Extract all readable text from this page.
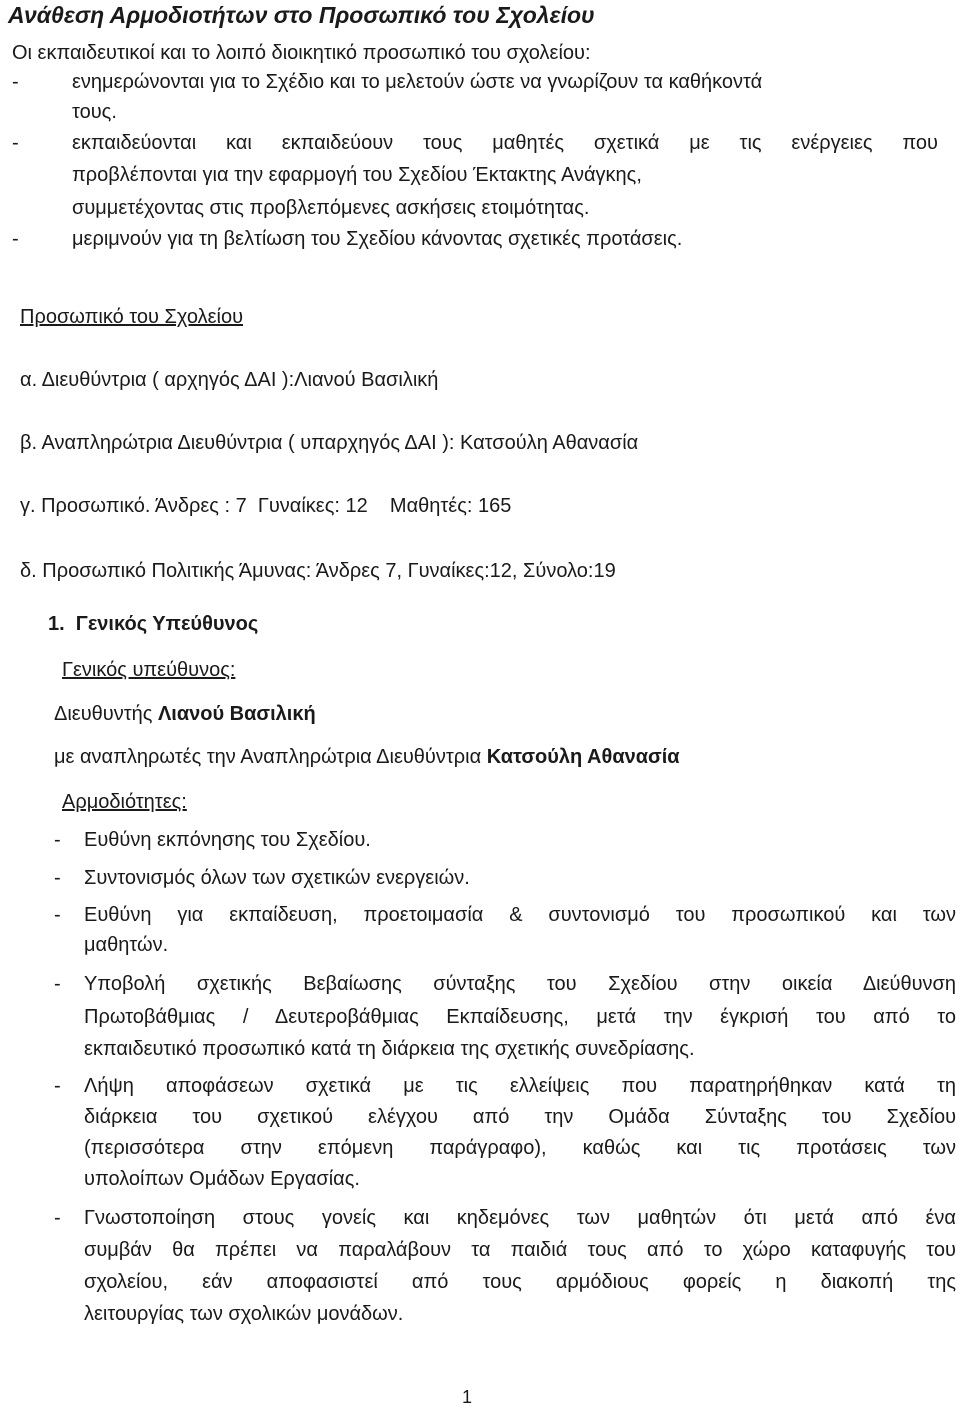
Ανάθεση Αρμοδιοτήτων στο Προσωπικό του Σχολείου
Οι εκπαιδευτικοί και το λοιπό διοικητικό προσωπικό του σχολείου:
-	ενημερώνονται για το Σχέδιο και το μελετούν ώστε να γνωρίζουν τα καθήκοντά
τους.
-	εκπαιδεύονται και εκπαιδεύουν τους μαθητές σχετικά με τις ενέργειες που
προβλέπονται για την εφαρμογή του Σχεδίου Έκτακτης Ανάγκης,
συμμετέχοντας στις προβλεπόμενες ασκήσεις ετοιμότητας.
-	μεριμνούν για τη βελτίωση του Σχεδίου κάνοντας σχετικές προτάσεις.
Προσωπικό του Σχολείου
α. Διευθύντρια ( αρχηγός ΔΑΙ ):Λιανού Βασιλική
β. Αναπληρώτρια Διευθύντρια ( υπαρχηγός ΔΑΙ ): Κατσούλη Αθανασία
γ. Προσωπικό. Άνδρες : 7  Γυναίκες: 12    Μαθητές: 165
δ. Προσωπικό Πολιτικής Άμυνας: Άνδρες 7, Γυναίκες:12, Σύνολο:19
1.  Γενικός Υπεύθυνος
Γενικός υπεύθυνος:
Διευθυντής Λιανού Βασιλική
με αναπληρωτές την Αναπληρώτρια Διευθύντρια Κατσούλη Αθανασία
Αρμοδιότητες:
- Ευθύνη εκπόνησης του Σχεδίου.
- Συντονισμός όλων των σχετικών ενεργειών.
- Ευθύνη για εκπαίδευση, προετοιμασία & συντονισμό του προσωπικού και των
μαθητών.
- Υποβολή σχετικής Βεβαίωσης σύνταξης του Σχεδίου στην οικεία Διεύθυνση
Πρωτοβάθμιας / Δευτεροβάθμιας Εκπαίδευσης, μετά την έγκρισή του από το
εκπαιδευτικό προσωπικό κατά τη διάρκεια της σχετικής συνεδρίασης.
- Λήψη αποφάσεων σχετικά με τις ελλείψεις που παρατηρήθηκαν κατά τη
διάρκεια του σχετικού ελέγχου από την Ομάδα Σύνταξης του Σχεδίου
(περισσότερα στην επόμενη παράγραφο), καθώς και τις προτάσεις των
υπολοίπων Ομάδων Εργασίας.
- Γνωστοποίηση στους γονείς και κηδεμόνες των μαθητών ότι μετά από ένα
συμβάν θα πρέπει να παραλάβουν τα παιδιά τους από το χώρο καταφυγής του
σχολείου, εάν αποφασιστεί από τους αρμόδιους φορείς η διακοπή της
λειτουργίας των σχολικών μονάδων.
1
